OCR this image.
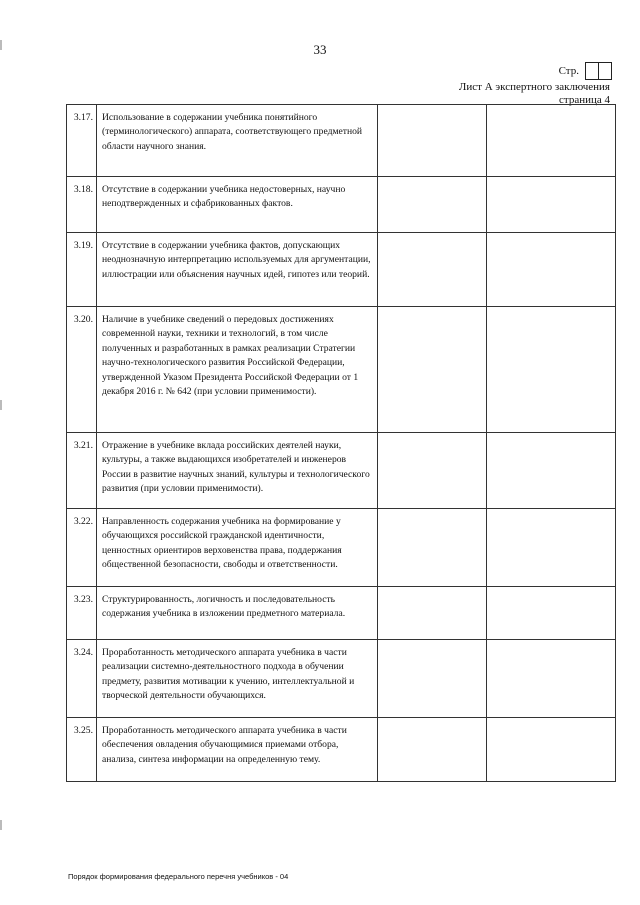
33
Стр.
Лист А экспертного заключения
страница 4
3.17.	Использование в содержании учебника понятийного (терминологического) аппарата, соответствующего предметной области научного знания.		
3.18.	Отсутствие в содержании учебника недостоверных, научно неподтвержденных и сфабрикованных фактов.		
3.19.	Отсутствие в содержании учебника фактов, допускающих неоднозначную интерпретацию используемых для аргументации, иллюстрации или объяснения научных идей, гипотез или теорий.		
3.20.	Наличие в учебнике сведений о передовых достижениях современной науки, техники и технологий, в том числе полученных и разработанных в рамках реализации Стратегии научно-технологического развития Российской Федерации, утвержденной Указом Президента Российской Федерации от 1 декабря 2016 г. № 642 (при условии применимости).		
3.21.	Отражение в учебнике вклада российских деятелей науки, культуры, а также выдающихся изобретателей и инженеров России в развитие научных знаний, культуры и технологического развития (при условии применимости).		
3.22.	Направленность содержания учебника на формирование у обучающихся российской гражданской идентичности, ценностных ориентиров верховенства права, поддержания общественной безопасности, свободы и ответственности.		
3.23.	Структурированность, логичность и последовательность содержания учебника в изложении предметного материала.		
3.24.	Проработанность методического аппарата учебника в части реализации системно-деятельностного подхода в обучении предмету, развития мотивации к учению, интеллектуальной и творческой деятельности обучающихся.		
3.25.	Проработанность методического аппарата учебника в части обеспечения овладения обучающимися приемами отбора, анализа, синтеза информации на определенную тему.		
Порядок формирования федерального перечня учебников - 04
